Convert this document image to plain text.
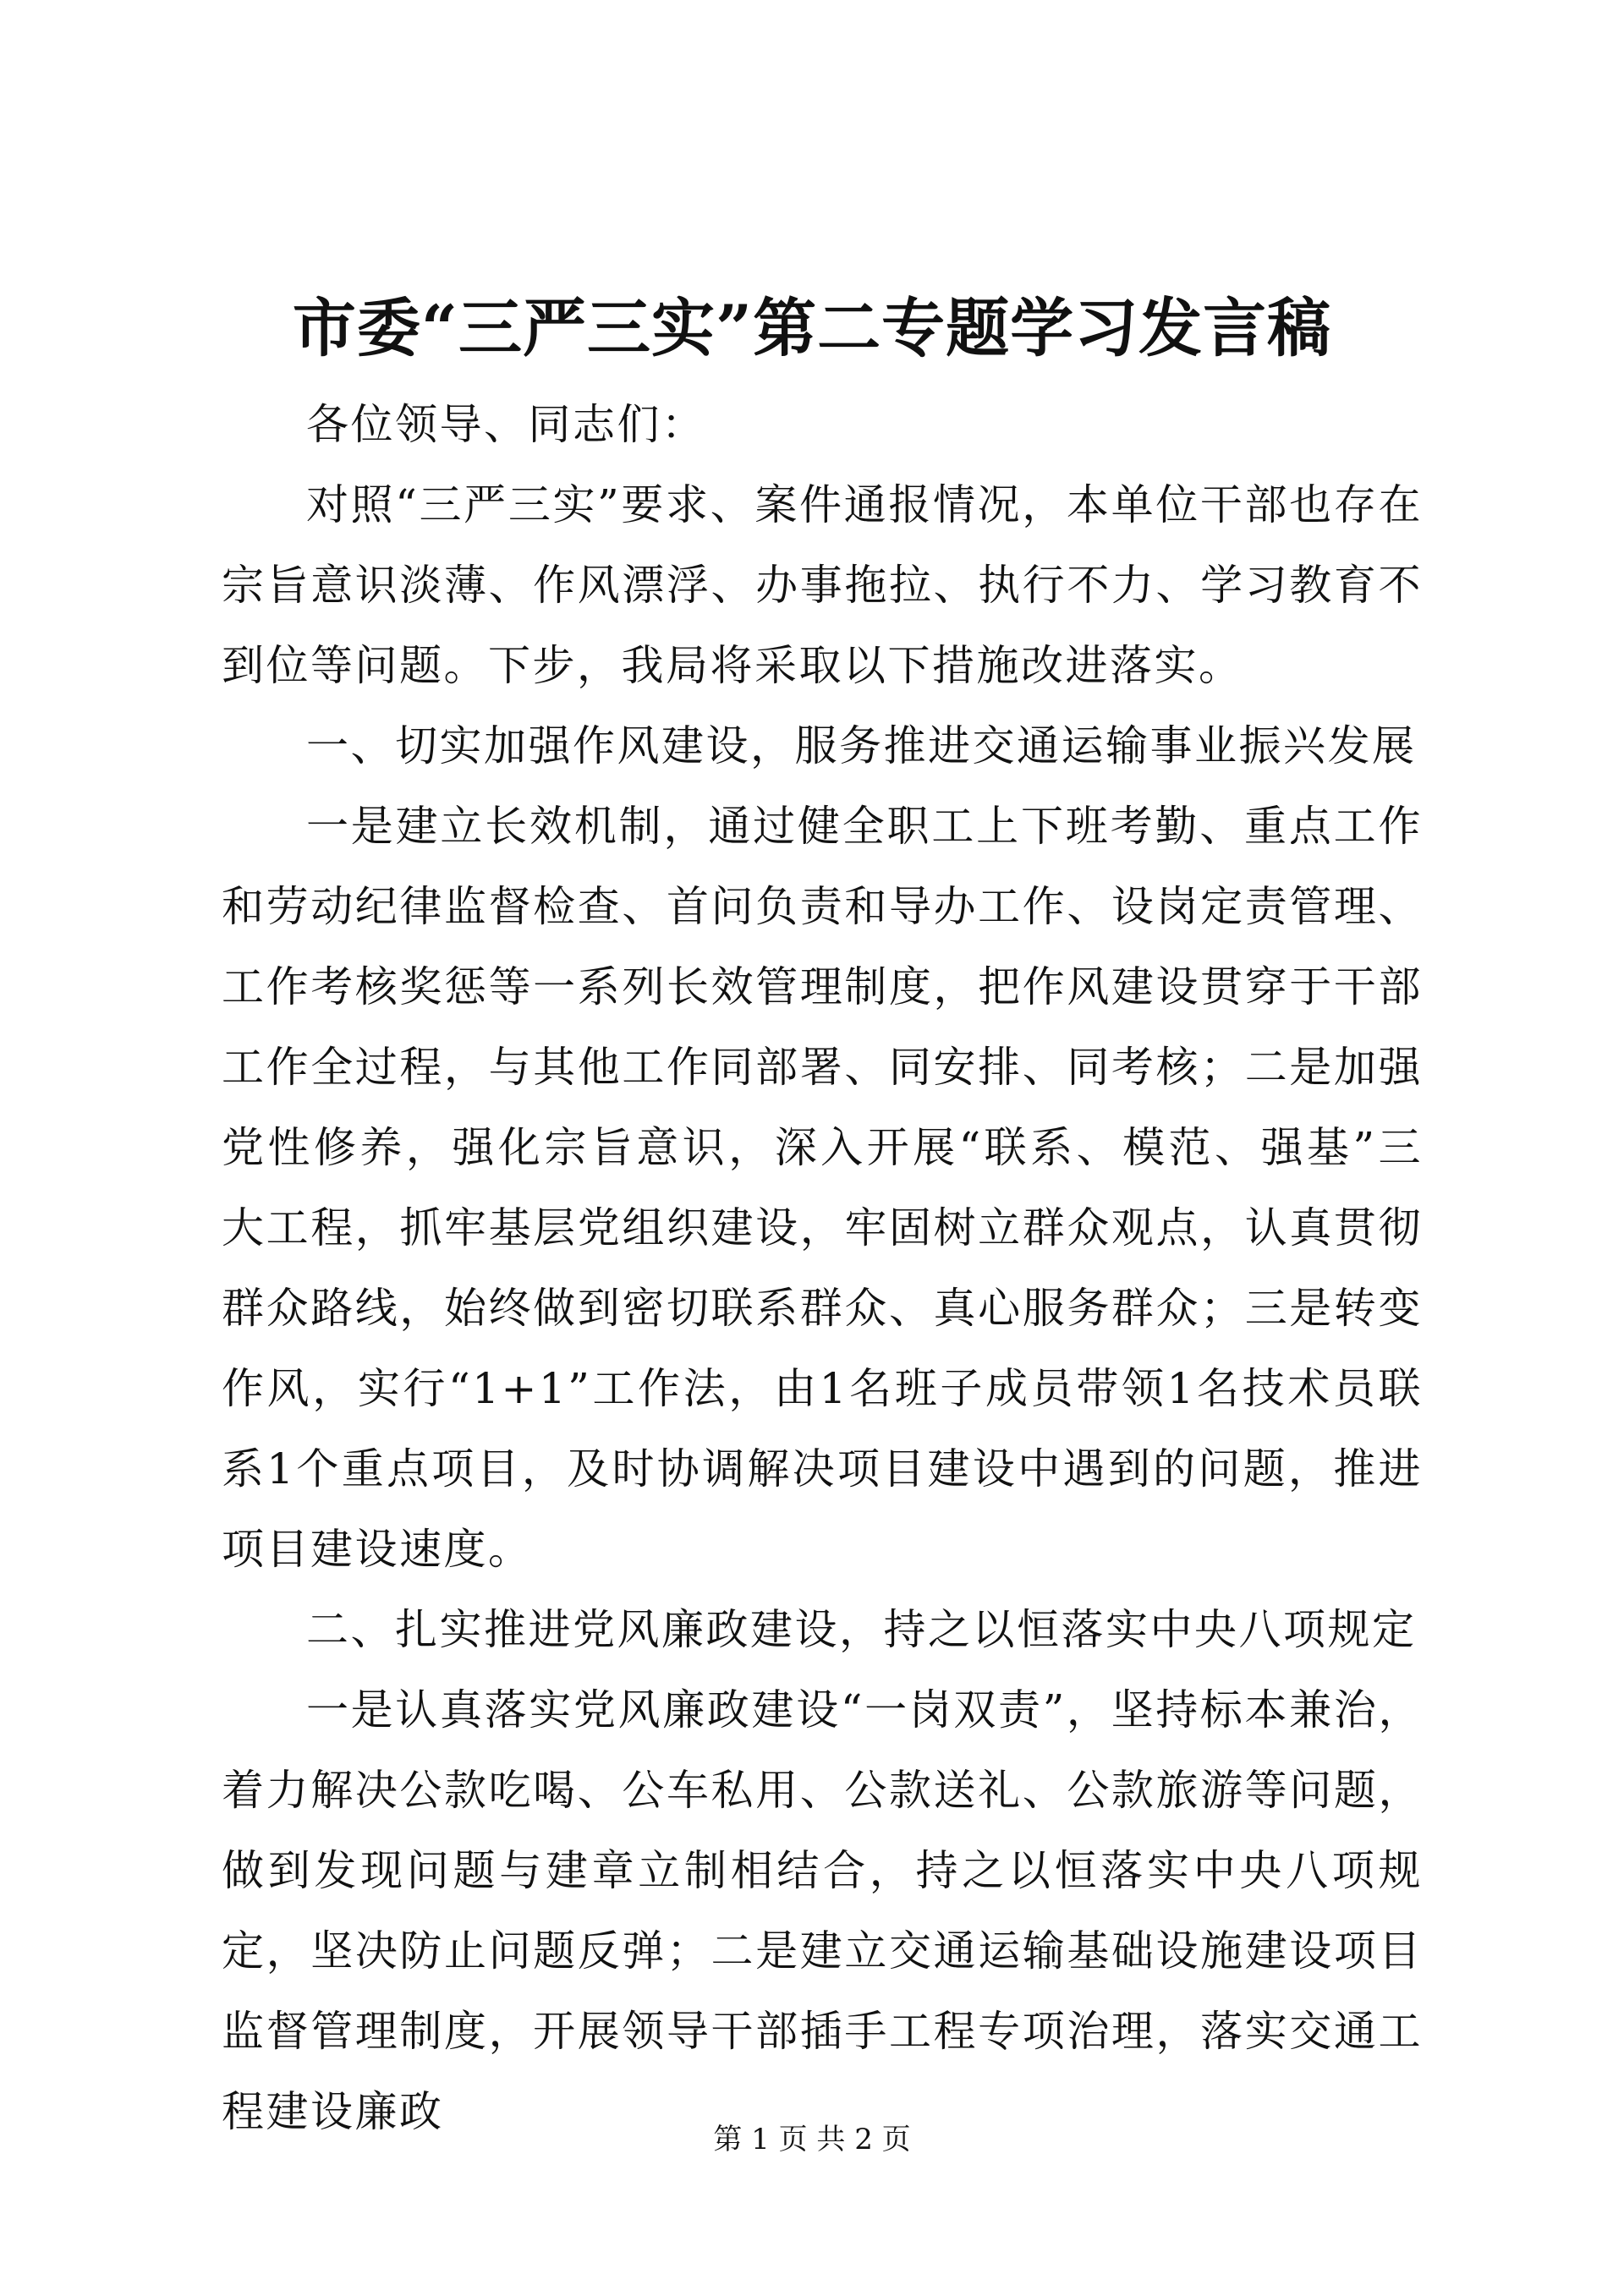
市委“三严三实”第二专题学习发言稿

各位领导、同志们：

对照“三严三实”要求、案件通报情况，本单位干部也存在宗旨意识淡薄、作风漂浮、办事拖拉、执行不力、学习教育不到位等问题。下步，我局将采取以下措施改进落实。

一、切实加强作风建设，服务推进交通运输事业振兴发展

一是建立长效机制，通过健全职工上下班考勤、重点工作和劳动纪律监督检查、首问负责和导办工作、设岗定责管理、工作考核奖惩等一系列长效管理制度，把作风建设贯穿于干部工作全过程，与其他工作同部署、同安排、同考核；二是加强党性修养，强化宗旨意识，深入开展“联系、模范、强基”三大工程，抓牢基层党组织建设，牢固树立群众观点，认真贯彻群众路线，始终做到密切联系群众、真心服务群众；三是转变作风，实行“1+1”工作法，由1名班子成员带领1名技术员联系1个重点项目，及时协调解决项目建设中遇到的问题，推进项目建设速度。

二、扎实推进党风廉政建设，持之以恒落实中央八项规定

一是认真落实党风廉政建设“一岗双责”，坚持标本兼治，着力解决公款吃喝、公车私用、公款送礼、公款旅游等问题，做到发现问题与建章立制相结合，持之以恒落实中央八项规定，坚决防止问题反弹；二是建立交通运输基础设施建设项目监督管理制度，开展领导干部插手工程专项治理，落实交通工程建设廉政

第 1 页 共 2 页
